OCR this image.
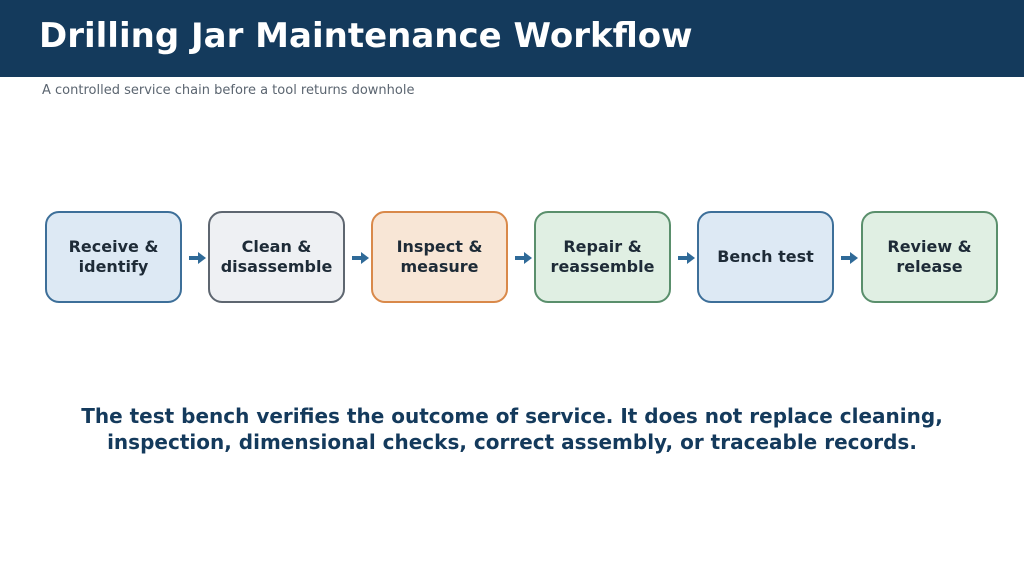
Drilling Jar Maintenance Workflow
A controlled service chain before a tool returns downhole
Receive & identify
Clean & disassemble
Inspect & measure
Repair & reassemble
Bench test
Review & release
The test bench verifies the outcome of service. It does not replace cleaning, inspection, dimensional checks, correct assembly, or traceable records.
